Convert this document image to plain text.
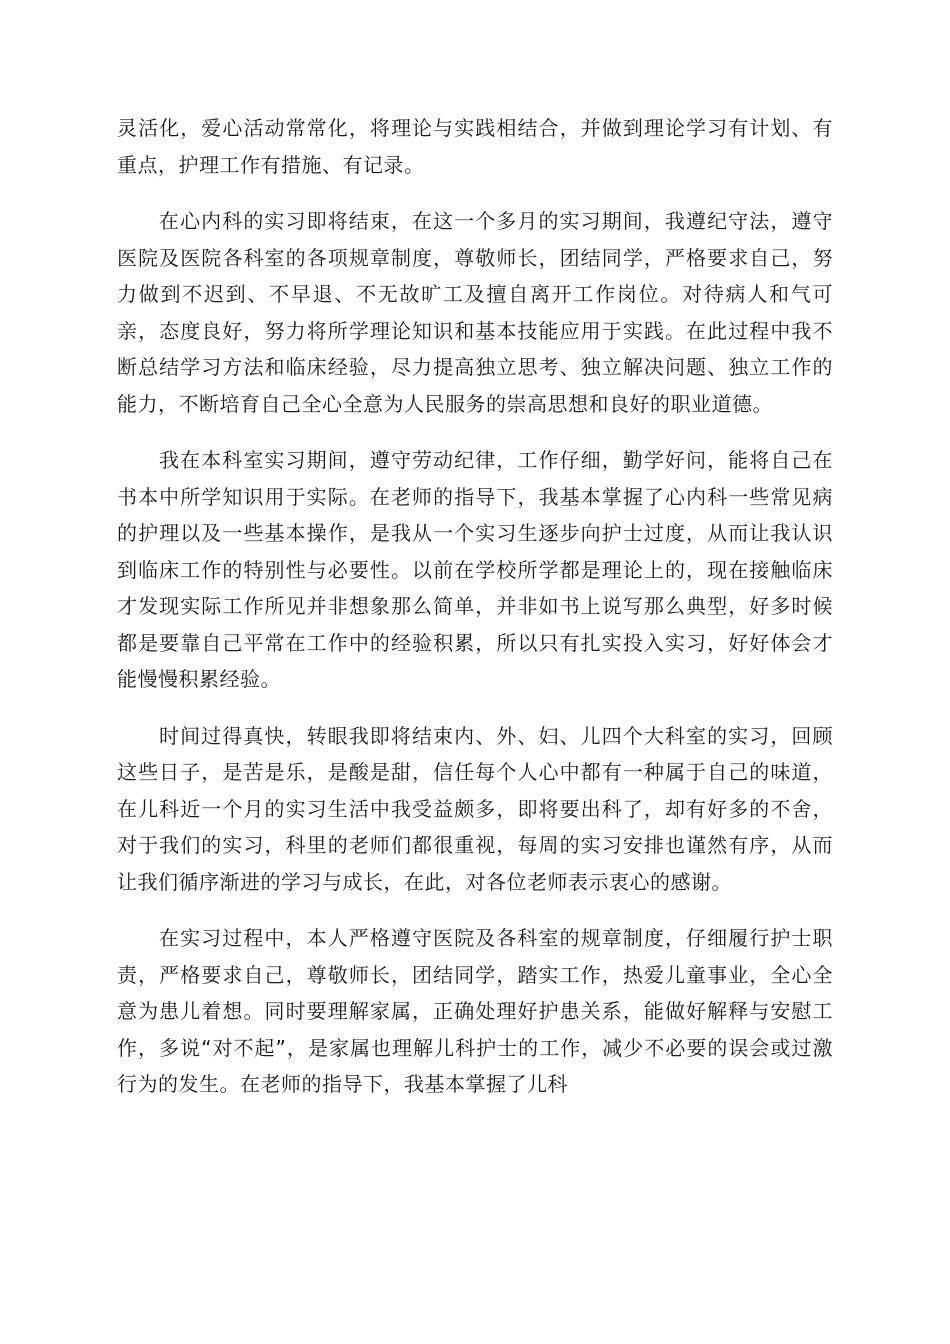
灵活化，爱心活动常常化，将理论与实践相结合，并做到理论学习有计划、有重点，护理工作有措施、有记录。

在心内科的实习即将结束，在这一个多月的实习期间，我遵纪守法，遵守医院及医院各科室的各项规章制度，尊敬师长，团结同学，严格要求自己，努力做到不迟到、不早退、不无故旷工及擅自离开工作岗位。对待病人和气可亲，态度良好，努力将所学理论知识和基本技能应用于实践。在此过程中我不断总结学习方法和临床经验，尽力提高独立思考、独立解决问题、独立工作的能力，不断培育自己全心全意为人民服务的崇高思想和良好的职业道德。

我在本科室实习期间，遵守劳动纪律，工作仔细，勤学好问，能将自己在书本中所学知识用于实际。在老师的指导下，我基本掌握了心内科一些常见病的护理以及一些基本操作，是我从一个实习生逐步向护士过度，从而让我认识到临床工作的特别性与必要性。以前在学校所学都是理论上的，现在接触临床才发现实际工作所见并非想象那么简单，并非如书上说写那么典型，好多时候都是要靠自己平常在工作中的经验积累，所以只有扎实投入实习，好好体会才能慢慢积累经验。

时间过得真快，转眼我即将结束内、外、妇、儿四个大科室的实习，回顾这些日子，是苦是乐，是酸是甜，信任每个人心中都有一种属于自己的味道，在儿科近一个月的实习生活中我受益颇多，即将要出科了，却有好多的不舍，对于我们的实习，科里的老师们都很重视，每周的实习安排也谨然有序，从而让我们循序渐进的学习与成长，在此，对各位老师表示衷心的感谢。

在实习过程中，本人严格遵守医院及各科室的规章制度，仔细履行护士职责，严格要求自己，尊敬师长，团结同学，踏实工作，热爱儿童事业，全心全意为患儿着想。同时要理解家属，正确处理好护患关系，能做好解释与安慰工作，多说“对不起”，是家属也理解儿科护士的工作，减少不必要的误会或过激行为的发生。在老师的指导下，我基本掌握了儿科
